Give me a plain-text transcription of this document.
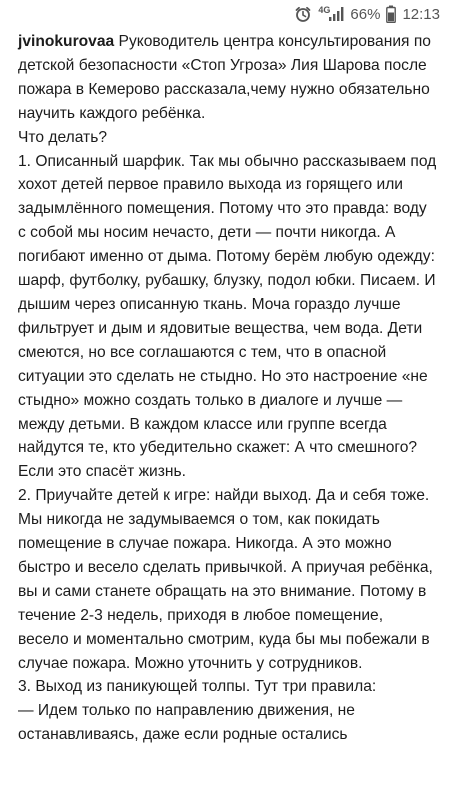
4G 66% 12:13

jvinokurovaa Руководитель центра консультирования по детской безопасности «Стоп Угроза» Лия Шарова после пожара в Кемерово рассказала,чему нужно обязательно научить каждого ребёнка.

Что делать?

1. Описанный шарфик. Так мы обычно рассказываем под хохот детей первое правило выхода из горящего или задымлённого помещения. Потому что это правда: воду с собой мы носим нечасто, дети — почти никогда. А погибают именно от дыма. Потому берём любую одежду: шарф, футболку, рубашку, блузку, подол юбки. Писаем. И дышим через описанную ткань. Моча гораздо лучше фильтрует и дым и ядовитые вещества, чем вода. Дети смеются, но все соглашаются с тем, что в опасной ситуации это сделать не стыдно. Но это настроение «не стыдно» можно создать только в диалоге и лучше — между детьми. В каждом классе или группе всегда найдутся те, кто убедительно скажет: А что смешного? Если это спасёт жизнь.

2. Приучайте детей к игре: найди выход. Да и себя тоже. Мы никогда не задумываемся о том, как покидать помещение в случае пожара. Никогда. А это можно быстро и весело сделать привычкой. А приучая ребёнка, вы и сами станете обращать на это внимание. Потому в течение 2-3 недель, приходя в любое помещение, весело и моментально смотрим, куда бы мы побежали в случае пожара. Можно уточнить у сотрудников.

3. Выход из паникующей толпы. Тут три правила:

— Идем только по направлению движения, не останавливаясь, даже если родные остались
